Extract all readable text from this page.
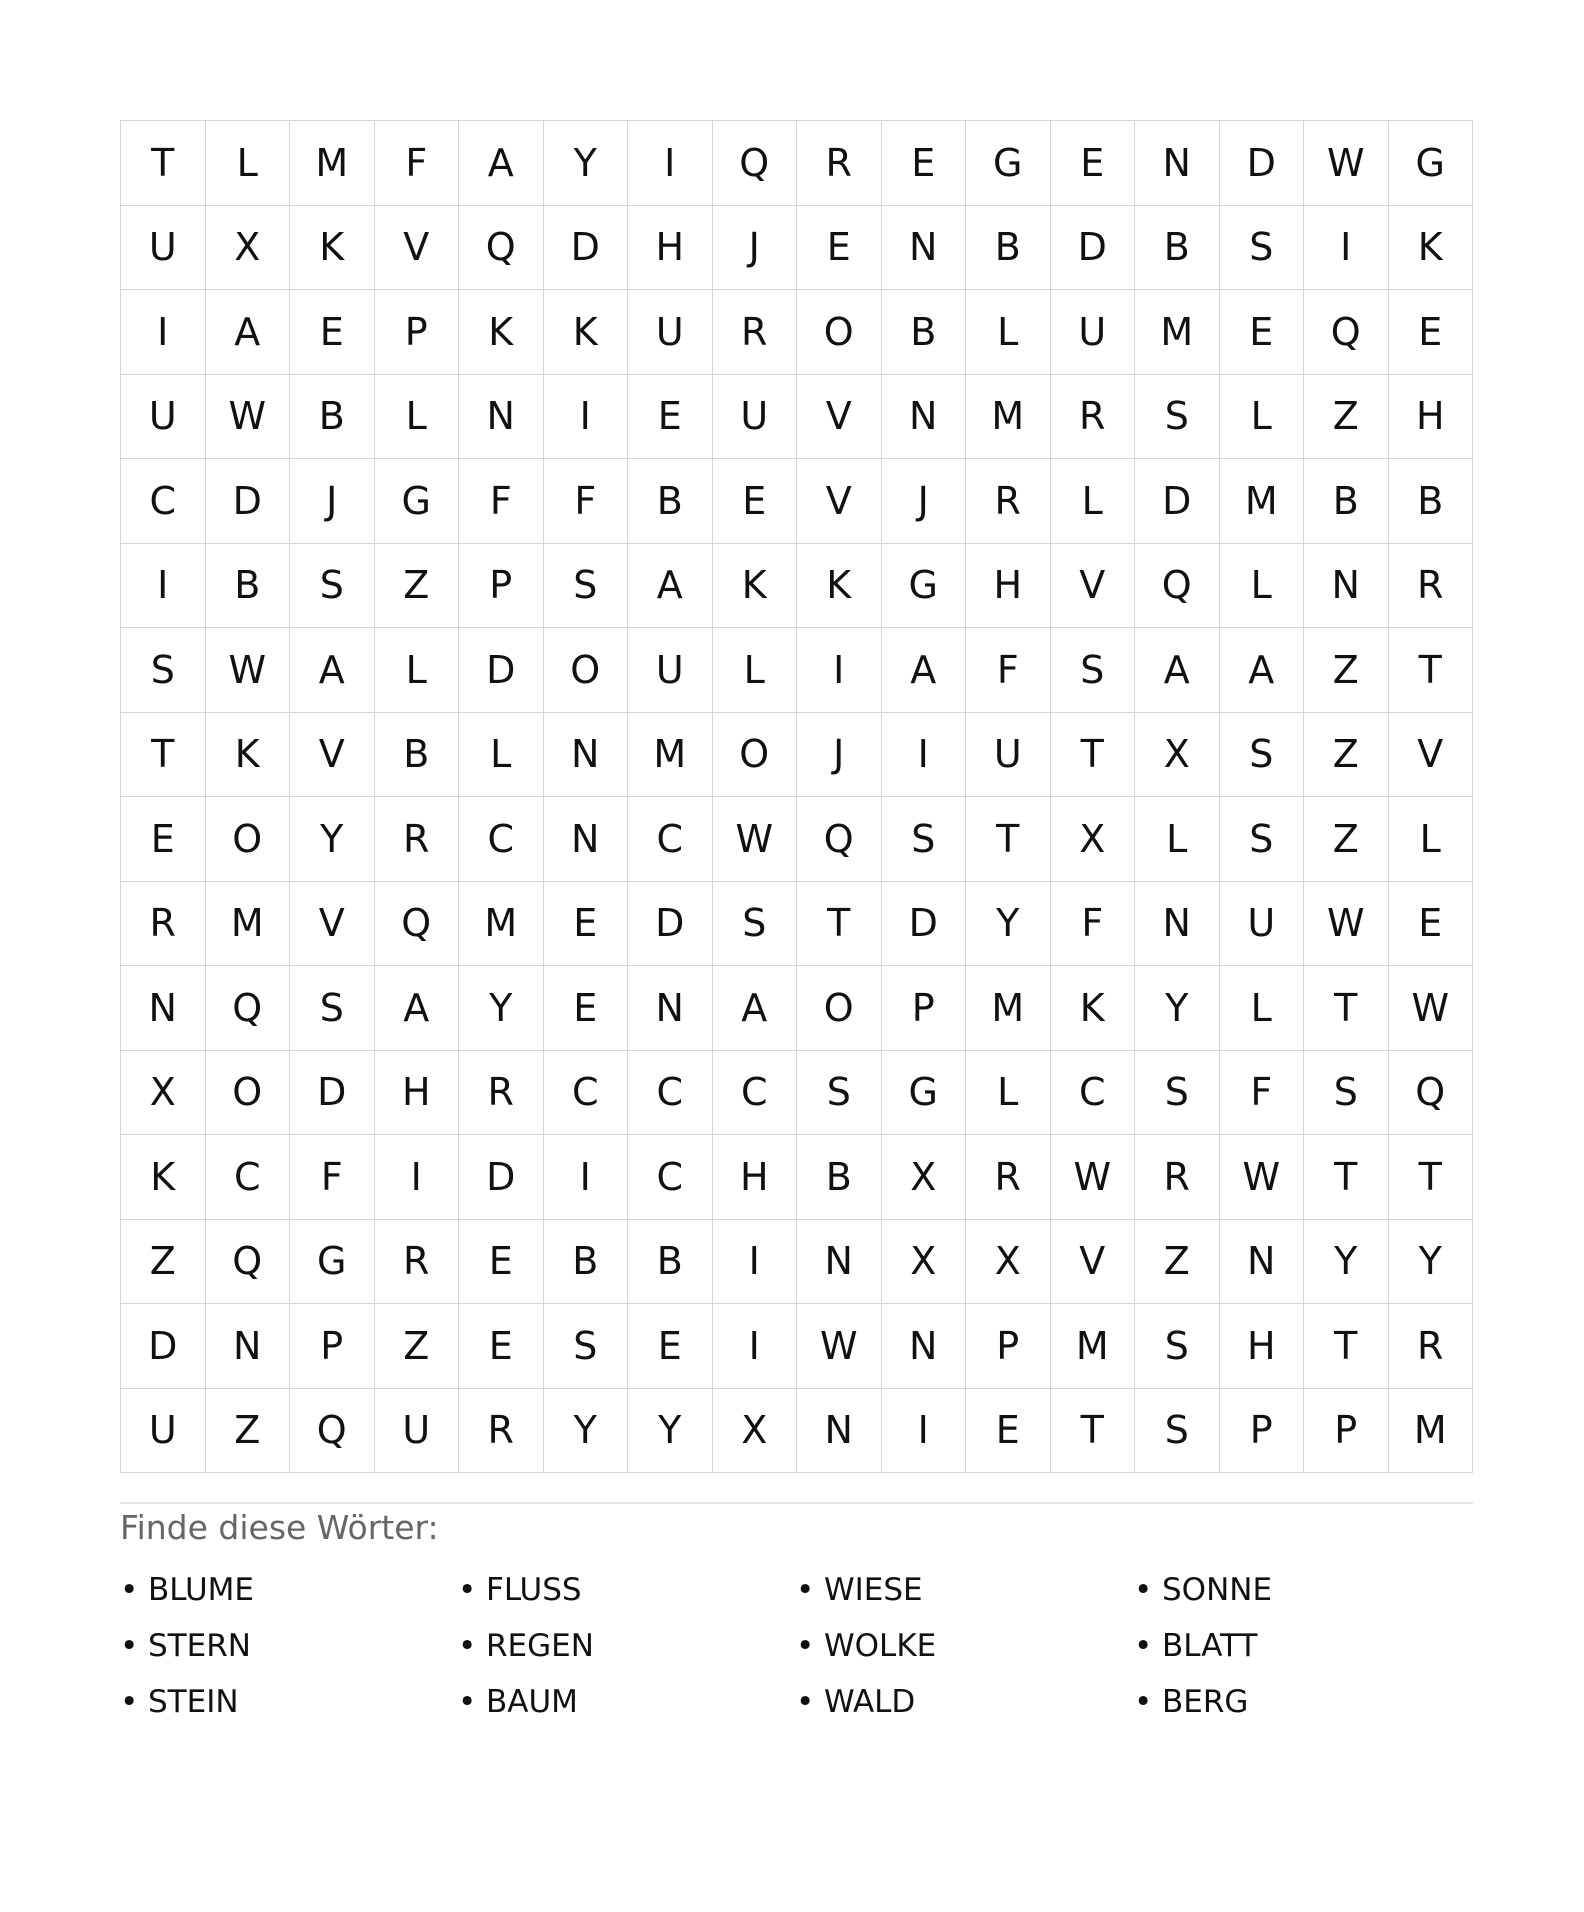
T	L	M	F	A	Y	I	Q	R	E	G	E	N	D	W	G
U	X	K	V	Q	D	H	J	E	N	B	D	B	S	I	K
I	A	E	P	K	K	U	R	O	B	L	U	M	E	Q	E
U	W	B	L	N	I	E	U	V	N	M	R	S	L	Z	H
C	D	J	G	F	F	B	E	V	J	R	L	D	M	B	B
I	B	S	Z	P	S	A	K	K	G	H	V	Q	L	N	R
S	W	A	L	D	O	U	L	I	A	F	S	A	A	Z	T
T	K	V	B	L	N	M	O	J	I	U	T	X	S	Z	V
E	O	Y	R	C	N	C	W	Q	S	T	X	L	S	Z	L
R	M	V	Q	M	E	D	S	T	D	Y	F	N	U	W	E
N	Q	S	A	Y	E	N	A	O	P	M	K	Y	L	T	W
X	O	D	H	R	C	C	C	S	G	L	C	S	F	S	Q
K	C	F	I	D	I	C	H	B	X	R	W	R	W	T	T
Z	Q	G	R	E	B	B	I	N	X	X	V	Z	N	Y	Y
D	N	P	Z	E	S	E	I	W	N	P	M	S	H	T	R
U	Z	Q	U	R	Y	Y	X	N	I	E	T	S	P	P	M
Finde diese Wörter:
• BLUME	• FLUSS	• WIESE	• SONNE
• STERN	• REGEN	• WOLKE	• BLATT
• STEIN	• BAUM	• WALD	• BERG
